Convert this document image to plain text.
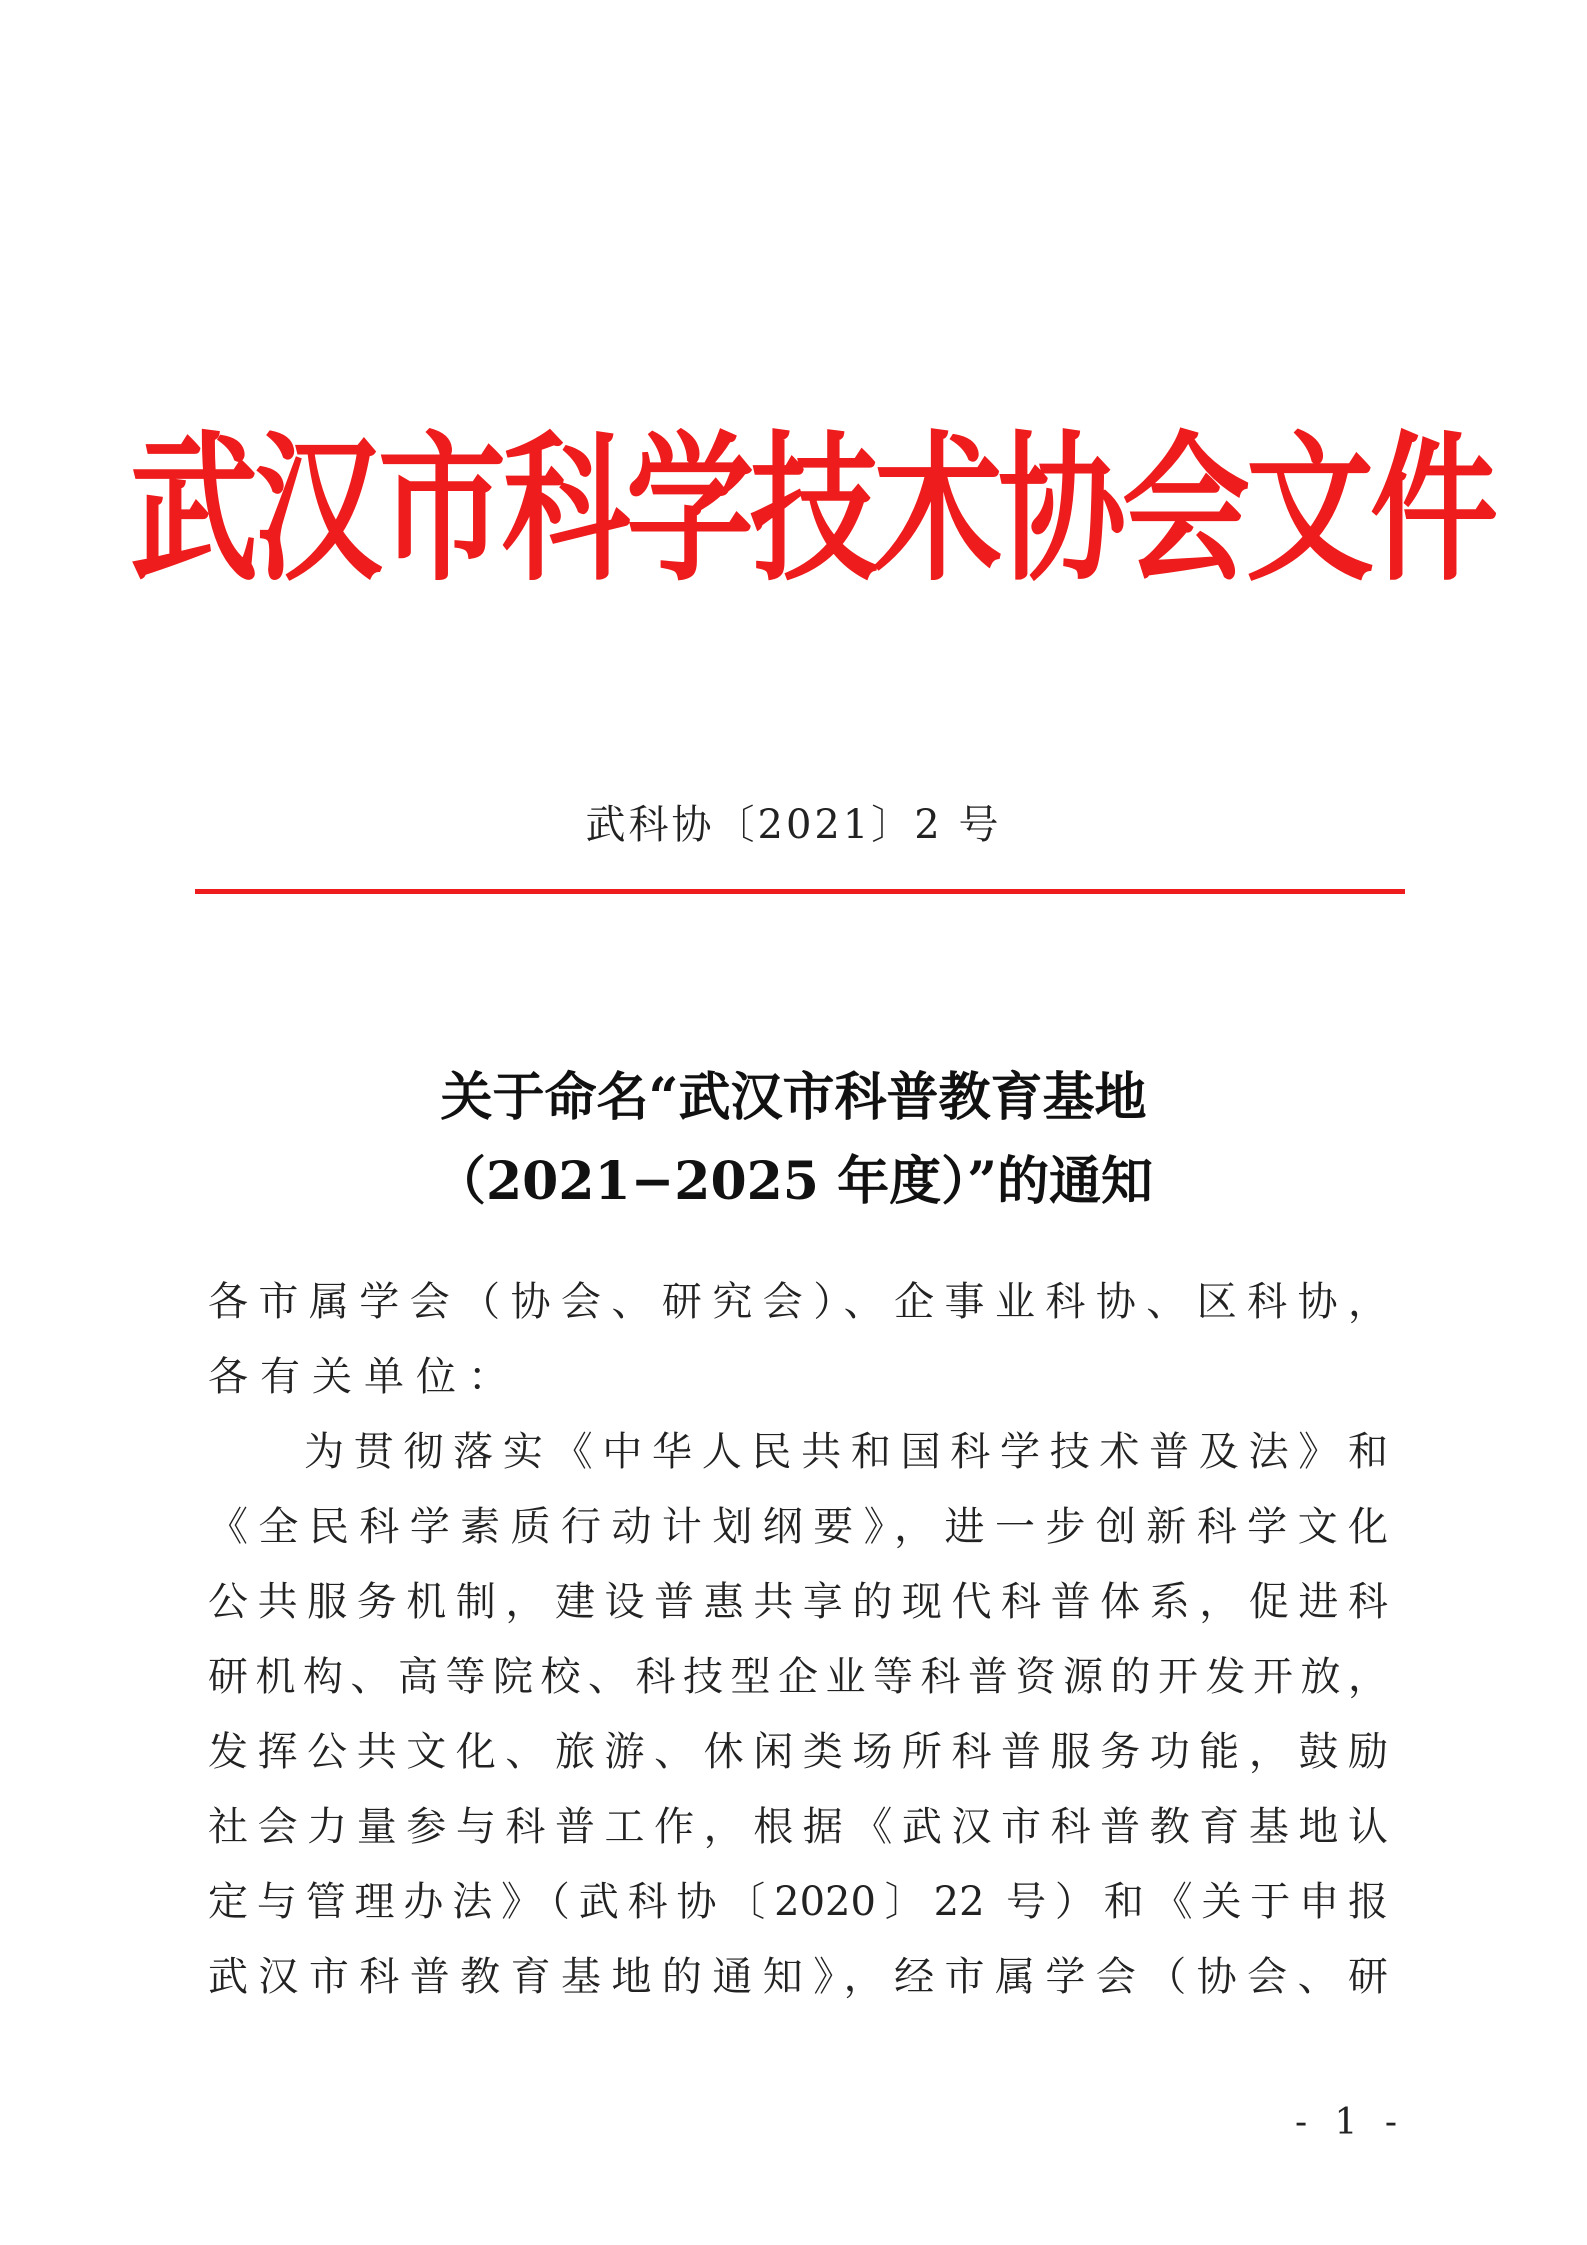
武汉市科学技术协会文件
武科协〔2021〕2 号
关于命名“武汉市科普教育基地
（2021−2025 年度）”的通知
各市属学会（协会、研究会）、企事业科协、区科协，
各有关单位：
为贯彻落实《中华人民共和国科学技术普及法》和
《全民科学素质行动计划纲要》，进一步创新科学文化
公共服务机制，建设普惠共享的现代科普体系，促进科
研机构、高等院校、科技型企业等科普资源的开发开放，
发挥公共文化、旅游、休闲类场所科普服务功能，鼓励
社会力量参与科普工作，根据《武汉市科普教育基地认
定与管理办法》（武科协〔2020〕22 号）和《关于申报
武汉市科普教育基地的通知》，经市属学会（协会、研
- 1 -
